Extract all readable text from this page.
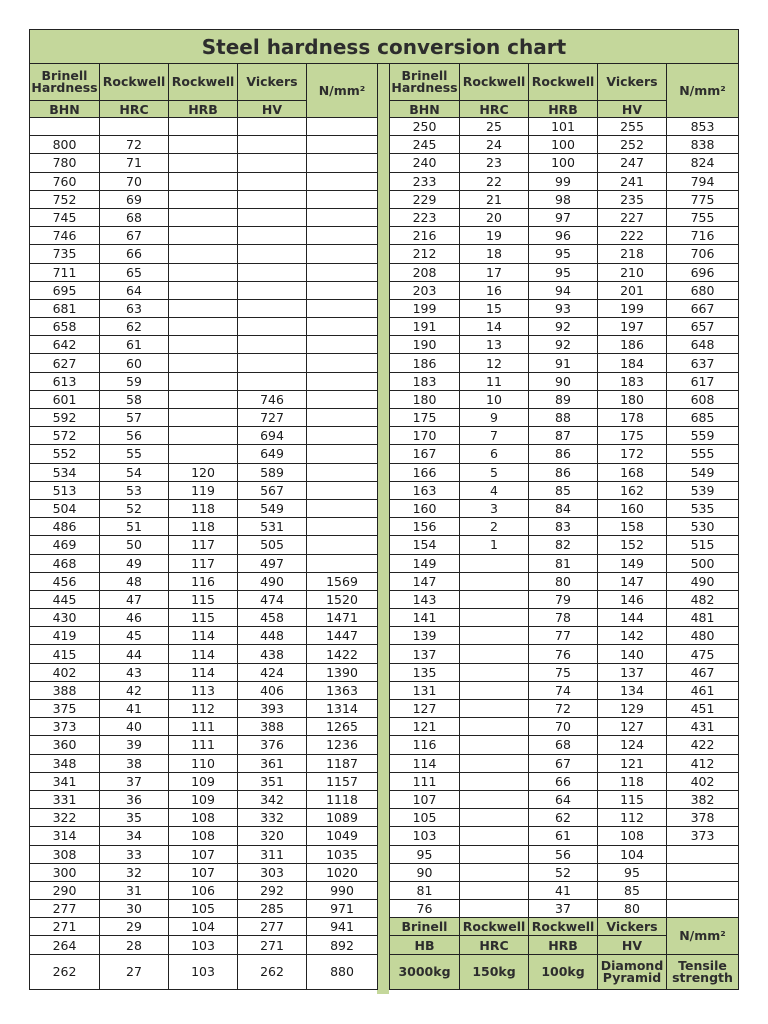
Steel hardness conversion chart
Brinell Hardness	Rockwell	Rockwell	Vickers	N/mm²
BHN	HRC	HRB	HV	

800	72			
780	71			
760	70			
752	69			
745	68			
746	67			
735	66			
711	65			
695	64			
681	63			
658	62			
642	61			
627	60			
613	59			
601	58		746	
592	57		727	
572	56		694	
552	55		649	
534	54	120	589	
513	53	119	567	
504	52	118	549	
486	51	118	531	
469	50	117	505	
468	49	117	497	
456	48	116	490	1569
445	47	115	474	1520
430	46	115	458	1471
419	45	114	448	1447
415	44	114	438	1422
402	43	114	424	1390
388	42	113	406	1363
375	41	112	393	1314
373	40	111	388	1265
360	39	111	376	1236
348	38	110	361	1187
341	37	109	351	1157
331	36	109	342	1118
322	35	108	332	1089
314	34	108	320	1049
308	33	107	311	1035
300	32	107	303	1020
290	31	106	292	990
277	30	105	285	971
271	29	104	277	941
264	28	103	271	892
262	27	103	262	880
Brinell Hardness	Rockwell	Rockwell	Vickers	N/mm²
BHN	HRC	HRB	HV	
250	25	101	255	853
245	24	100	252	838
240	23	100	247	824
233	22	99	241	794
229	21	98	235	775
223	20	97	227	755
216	19	96	222	716
212	18	95	218	706
208	17	95	210	696
203	16	94	201	680
199	15	93	199	667
191	14	92	197	657
190	13	92	186	648
186	12	91	184	637
183	11	90	183	617
180	10	89	180	608
175	9	88	178	685
170	7	87	175	559
167	6	86	172	555
166	5	86	168	549
163	4	85	162	539
160	3	84	160	535
156	2	83	158	530
154	1	82	152	515
149		81	149	500
147		80	147	490
143		79	146	482
141		78	144	481
139		77	142	480
137		76	140	475
135		75	137	467
131		74	134	461
127		72	129	451
121		70	127	431
116		68	124	422
114		67	121	412
111		66	118	402
107		64	115	382
105		62	112	378
103		61	108	373
95		56	104	
90		52	95	
81		41	85	
76		37	80	
Brinell	Rockwell	Rockwell	Vickers	N/mm²
HB	HRC	HRB	HV	
3000kg	150kg	100kg	Diamond Pyramid	Tensile strength
